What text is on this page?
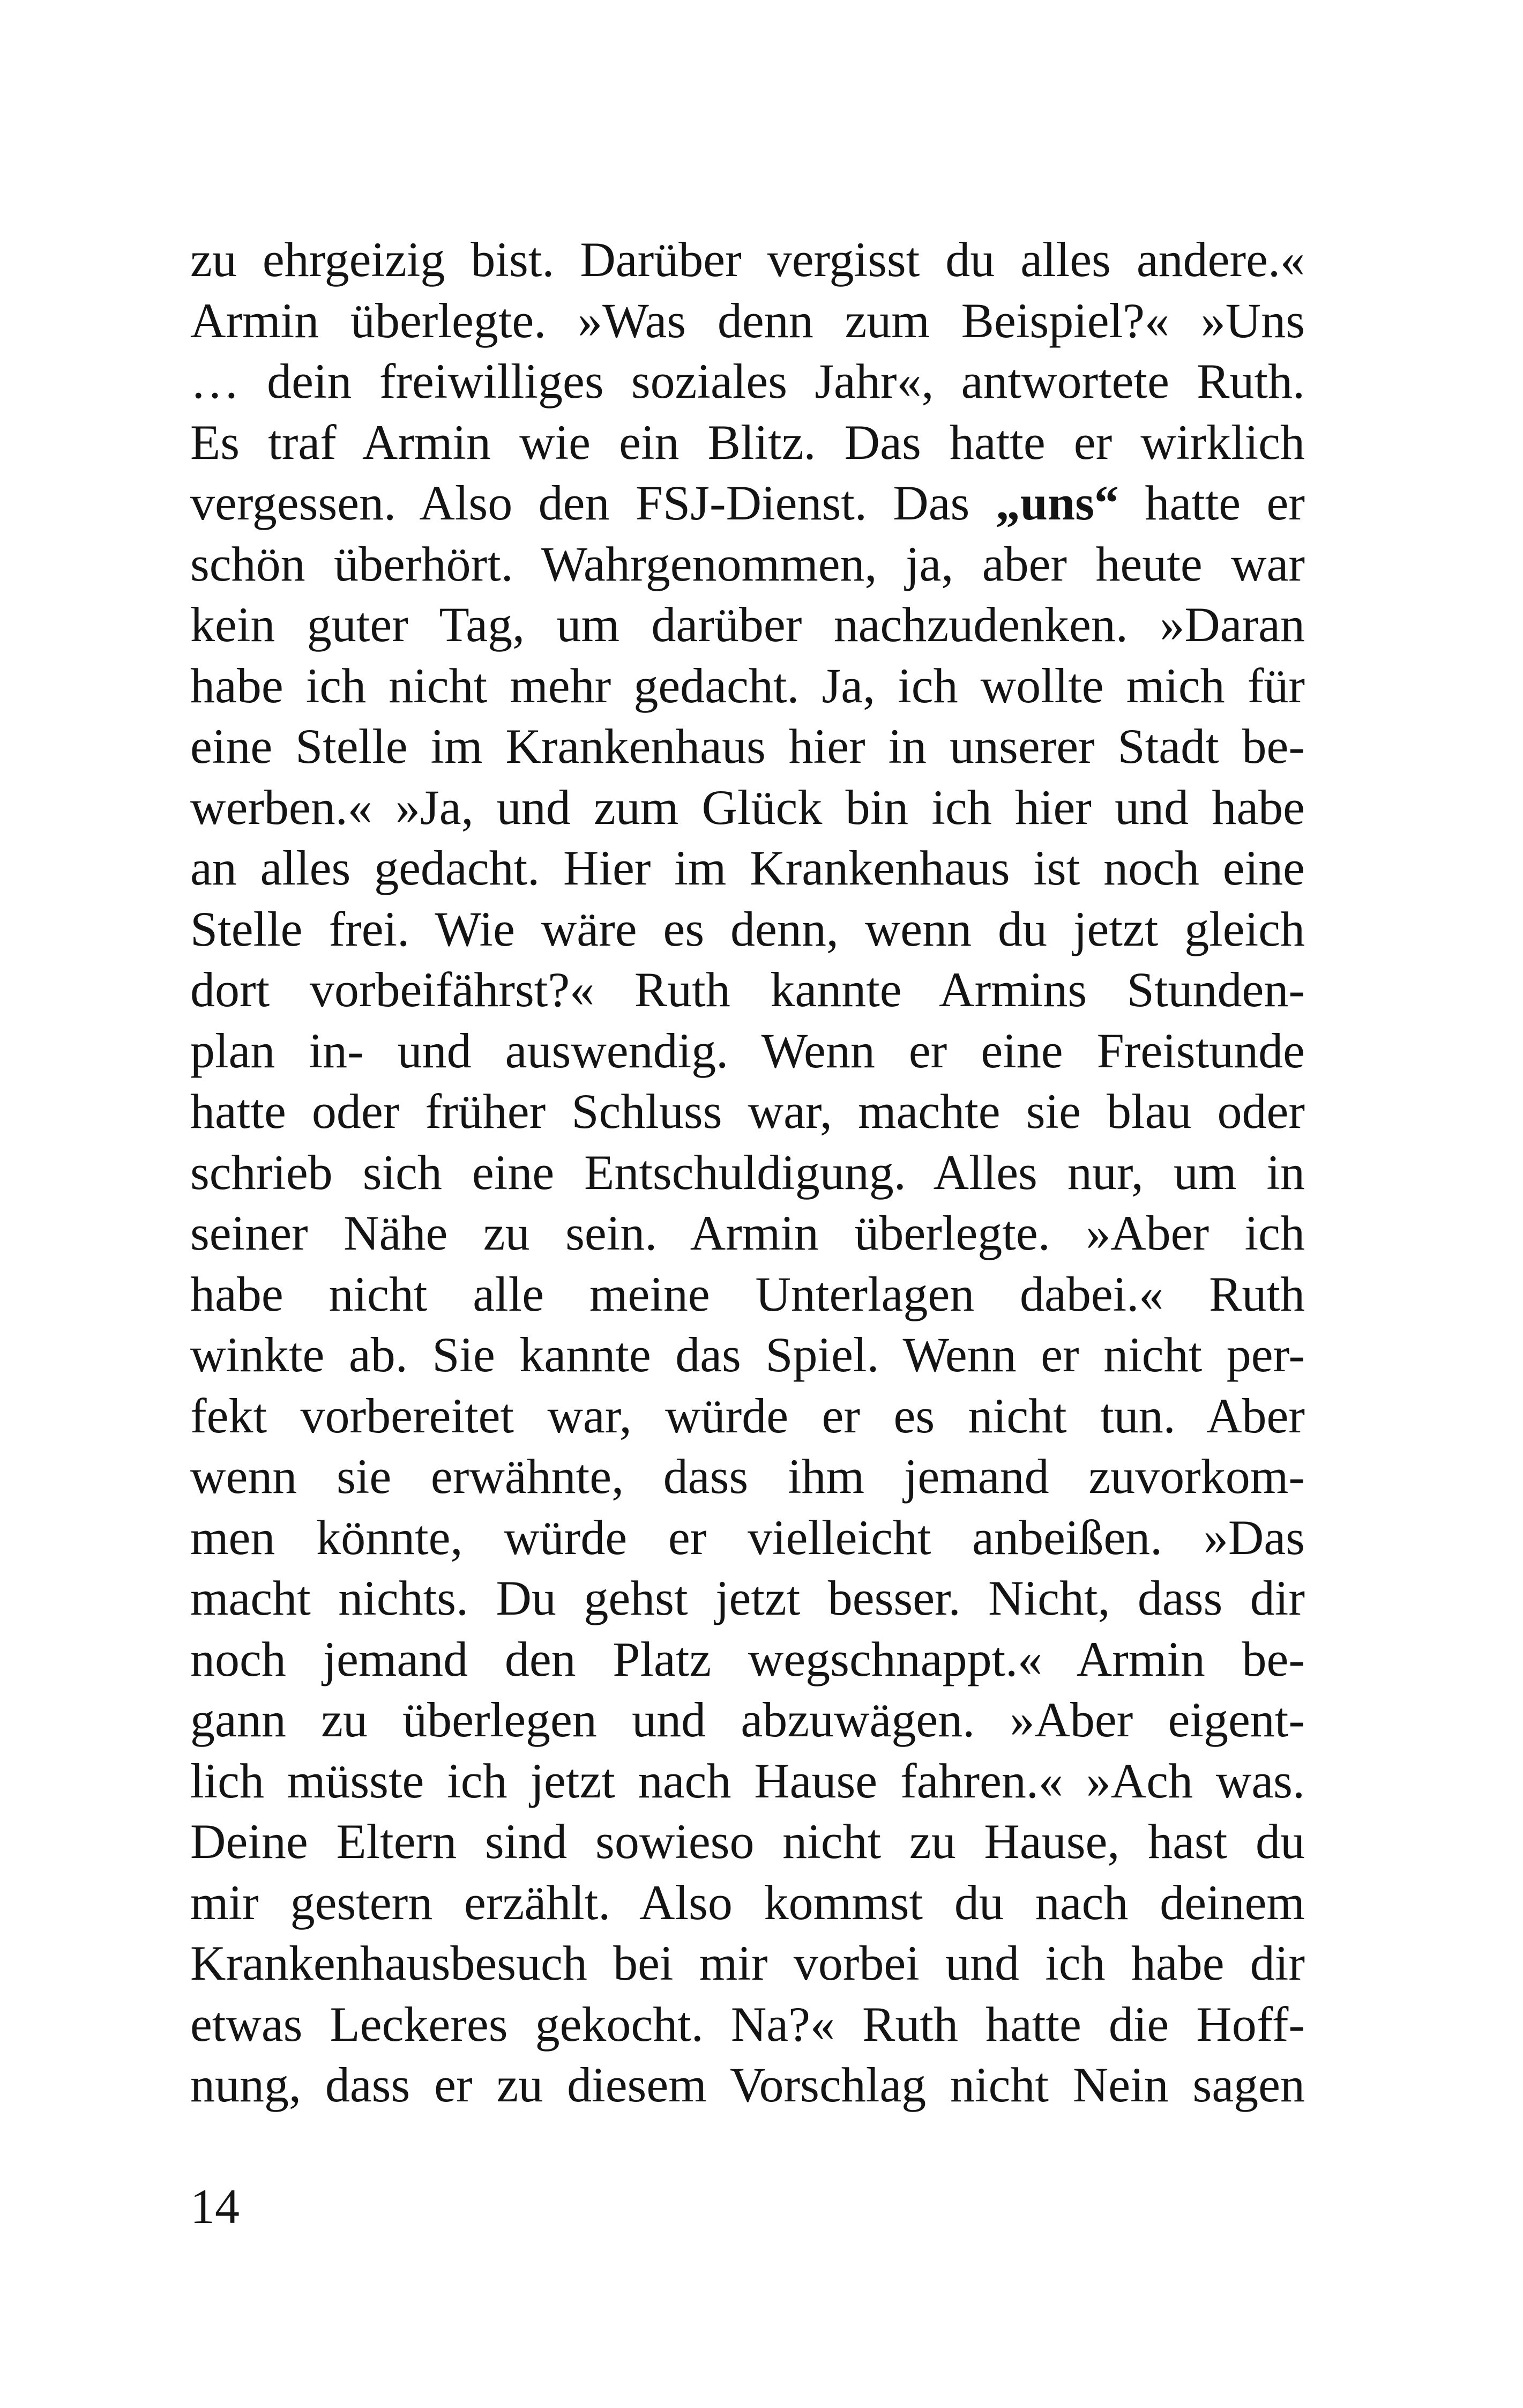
zu ehrgeizig bist. Darüber vergisst du alles andere.«
Armin überlegte. »Was denn zum Beispiel?« »Uns
… dein freiwilliges soziales Jahr«, antwortete Ruth.
Es traf Armin wie ein Blitz. Das hatte er wirklich
vergessen. Also den FSJ-Dienst. Das „uns“ hatte er
schön überhört. Wahrgenommen, ja, aber heute war
kein guter Tag, um darüber nachzudenken. »Daran
habe ich nicht mehr gedacht. Ja, ich wollte mich für
eine Stelle im Krankenhaus hier in unserer Stadt be-
werben.« »Ja, und zum Glück bin ich hier und habe
an alles gedacht. Hier im Krankenhaus ist noch eine
Stelle frei. Wie wäre es denn, wenn du jetzt gleich
dort vorbeifährst?« Ruth kannte Armins Stunden-
plan in- und auswendig. Wenn er eine Freistunde
hatte oder früher Schluss war, machte sie blau oder
schrieb sich eine Entschuldigung. Alles nur, um in
seiner Nähe zu sein. Armin überlegte. »Aber ich
habe nicht alle meine Unterlagen dabei.« Ruth
winkte ab. Sie kannte das Spiel. Wenn er nicht per-
fekt vorbereitet war, würde er es nicht tun. Aber
wenn sie erwähnte, dass ihm jemand zuvorkom-
men könnte, würde er vielleicht anbeißen. »Das
macht nichts. Du gehst jetzt besser. Nicht, dass dir
noch jemand den Platz wegschnappt.« Armin be-
gann zu überlegen und abzuwägen. »Aber eigent-
lich müsste ich jetzt nach Hause fahren.« »Ach was.
Deine Eltern sind sowieso nicht zu Hause, hast du
mir gestern erzählt. Also kommst du nach deinem
Krankenhausbesuch bei mir vorbei und ich habe dir
etwas Leckeres gekocht. Na?« Ruth hatte die Hoff-
nung, dass er zu diesem Vorschlag nicht Nein sagen
14
